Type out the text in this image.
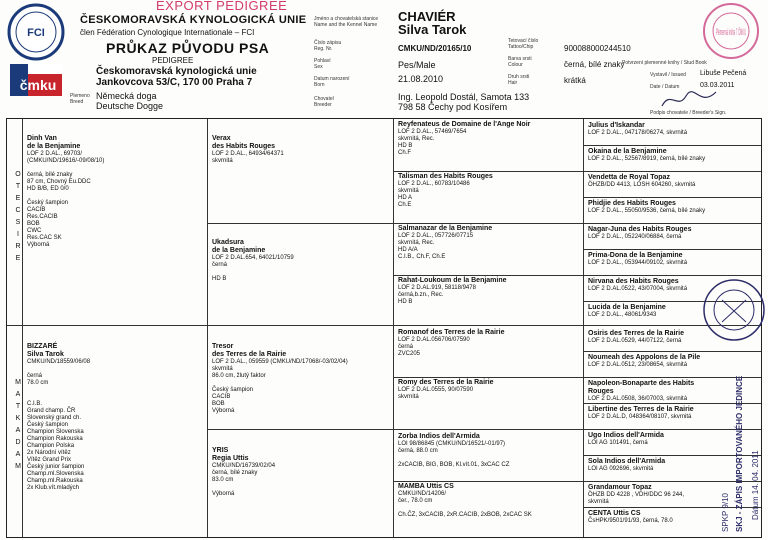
FCI
čmku
EXPORT PEDIGREE
ČESKOMORAVSKÁ KYNOLOGICKÁ UNIE
člen Fédération Cynologique Internationale – FCI
PRŮKAZ PŮVODU PSA
PEDIGREE
Českomoravská kynologická unie
Jankovcova 53/C, 170 00 Praha 7
Plemeno
Breed
Německá doga
Deutsche Dogge
Jméno a chovatelská stanice
Name and the Kennel Name
Číslo zápisu
Reg. Nr.
Pohlaví
Sex
Datum narození
Born
Chovatel
Breeder
CHAVIÉR
Silva Tarok
CMKU/ND/20165/10
Pes/Male
21.08.2010
Ing. Leopold Dostál, Samota 133
798 58 Čechy pod Kosířem
Tetovací číslo
Tattoo/Chip
Barva srsti
Colour
Druh srsti
Hair
900088000244510
černá, bílé znaky
krátká
Potvrzení plemenné knihy / Stud Book
Vystavil / Issued Libuše Pečená
Date / Datum	03.03.2011
Podpis chovatele / Breeder's Sign.
Plemenná kniha 7 ČMKU
O
T
E
C
S
I
R
E
M
A
T
K
A
D
A
M

Dinh Van
de la Benjamine
LOF 2 D.AL., 69703/
(CMKU/ND/19616/-09/08/10)

černá, bílé znaky
87 cm, Chovný Eu.DDC
HD B/B, ED 0/0

Český šampion
CACIB
Res.CACIB
BOB
CWC
Res.CAC SK
Výborná

BIZZARÉ
Silva Tarok
CMKU/ND/18559/06/08

černá
78.0 cm

C.I.B.
Grand champ. ČR
Slovenský grand ch.
Český šampion
Champion Slovenska
Champion Rakouska
Champion Polska
2x Národní vítěz
Vítěz Grand Prix
Český junior šampion
Champ.ml.Slovenska
Champ.ml.Rakouska
2x Klub.vít.mladých

Verax
des Habits Rouges
LOF 2 D.AL., 64934/64371
skvrnitá

Ukadsura
de la Benjamine
LOF 2 D.AL.654, 64021/10759
černá

HD B

Tresor
des Terres de la Rairie
LOF 2 D.AL., 059559 (CMKU/ND/17068/-03/02/04)
skvrnitá
86.0 cm, žlutý faktor

Český šampion
CACIB
BOB
Výborná

YRIS
Regia Uttis
CMKU/ND/16739/02/04
černá, bílé znaky
83.0 cm

Výborná

Reyfenateus de Domaine de l'Ange Noir
LOF 2 D.AL., 57469/7654
skvrnitá, Rec.
HD B
Ch.F
Talisman des Habits Rouges
LOF 2 D.AL., 60783/10486
skvrnitá
HD A
Ch.E
Salmanazar de la Benjamine
LOF 2 D.AL., 057726/07715
skvrnitá, Rec.
HD A/A
C.I.B., Ch.F, Ch.E
Rahat-Loukoum de la Benjamine
LOF 2 D.AL.919, 58118/9478
černá,b.zn., Rec.
HD B
Romanof des Terres de la Rairie
LOF 2 D.AL.056706/07590
černá
ZVC205
Romy des Terres de la Rairie
LOF 2 D.AL.0555, 90/07590
skvrnitá
Zorba Indios dell'Armida
LOI 98/86845 (CMKU/ND/16521/-01/97)
černá, 88.0 cm

2xCACIB, BIG, BOB, Kl.vít.01, 3xCAC CZ
MAMBA Uttis CS
CMKU/ND/14206/
čer., 78.0 cm

Ch.ČZ, 3xCACIB, 2xR.CACIB, 2xBOB, 2xCAC SK
Julius d'Iskandar
LOF 2 D.AL., 047178/06274, skvrnitá
Okaina de la Benjamine
LOF 2 D.AL., 52567/8919, černá, bílé znaky
Vendetta de Royal Topaz
ÖHZB/DD 4413, LOSH 604260, skvrnitá
Phidjie des Habits Rouges
LOF 2 D.AL., 55050/9536, černá, bílé znaky
Nagar-Juna des Habits Rouges
LOF 2 D.AL., 052240/06884, černá
Prima-Dona de la Benjamine
LOF 2 D.AL., 053944/09102, skvrnitá
Nirvana des Habits Rouges
LOF 2 D.AL.0522, 43/07004, skvrnitá
Lucida de la Benjamine
LOF 2 D.AL., 48061/9343
Osiris des Terres de la Rairie
LOF 2 D.AL.0529, 44/07122, černá
Noumeah des Appolons de la Pile
LOF 2 D.AL.0512, 23/08654, skvrnitá
Napoleon-Bonaparte des Habits Rouges
LOF 2 D.AL.0508, 36/07003, skvrnitá
Libertine des Terres de la Rairie
LOF 2 D.AL.D, 048364/08107, skvrnitá
Ugo Indios dell'Armida
LOI AG 101491, černá
Sola Indios dell'Armida
LOI AG 092696, skvrnitá
Grandamour Topaz
ÖHZB DD 4228 , VDH/DDC 96 244, skvrnitá
CENTA Uttis CS
ČsHPK/9501/91/93, černá, 78.0	SKJ - ZÁPIS IMPORTOVANÉHO JEDINCE Dátum 14. 04. 2011
SPKP 9/10
